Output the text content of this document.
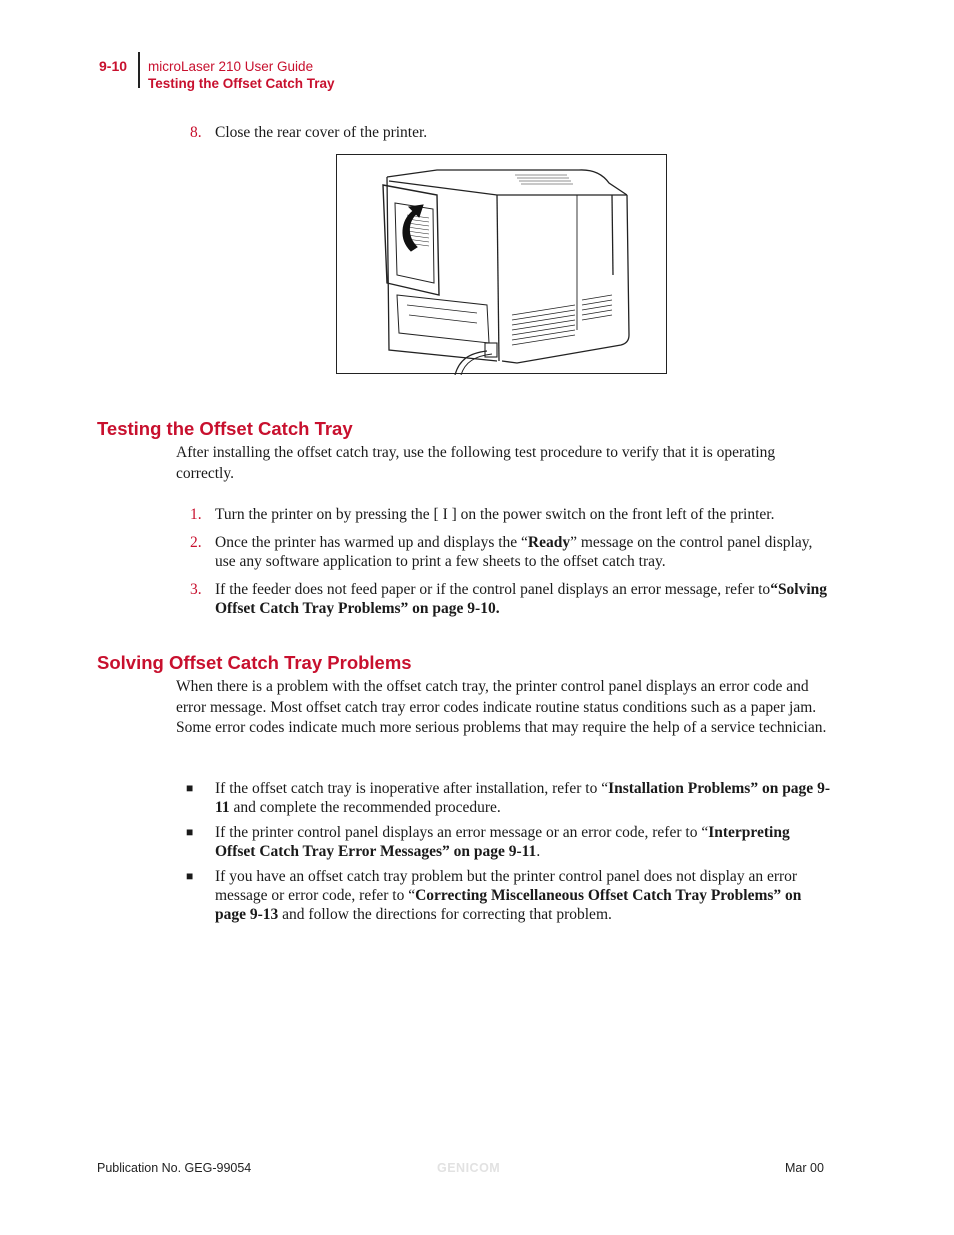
9-10 microLaser 210 User Guide
Testing the Offset Catch Tray
8. Close the rear cover of the printer.
Testing the Offset Catch Tray

After installing the offset catch tray, use the following test procedure to verify that it is operating correctly.

1. Turn the printer on by pressing the [ I ] on the power switch on the front left of the printer.
2. Once the printer has warmed up and displays the “Ready” message on the control panel display, use any software application to print a few sheets to the offset catch tray.
3. If the feeder does not feed paper or if the control panel displays an error message, refer to“Solving Offset Catch Tray Problems” on page 9-10.
Solving Offset Catch Tray Problems

When there is a problem with the offset catch tray, the printer control panel displays an error code and error message. Most offset catch tray error codes indicate routine status conditions such as a paper jam. Some error codes indicate much more serious problems that may require the help of a service technician.

■ If the offset catch tray is inoperative after installation, refer to “Installation Problems” on page 9-11 and complete the recommended procedure.
■ If the printer control panel displays an error message or an error code, refer to “Interpreting Offset Catch Tray Error Messages” on page 9-11.
■ If you have an offset catch tray problem but the printer control panel does not display an error message or error code, refer to “Correcting Miscellaneous Offset Catch Tray Problems” on page 9-13 and follow the directions for correcting that problem.
Publication No. GEG-99054	GENICOM	Mar 00
